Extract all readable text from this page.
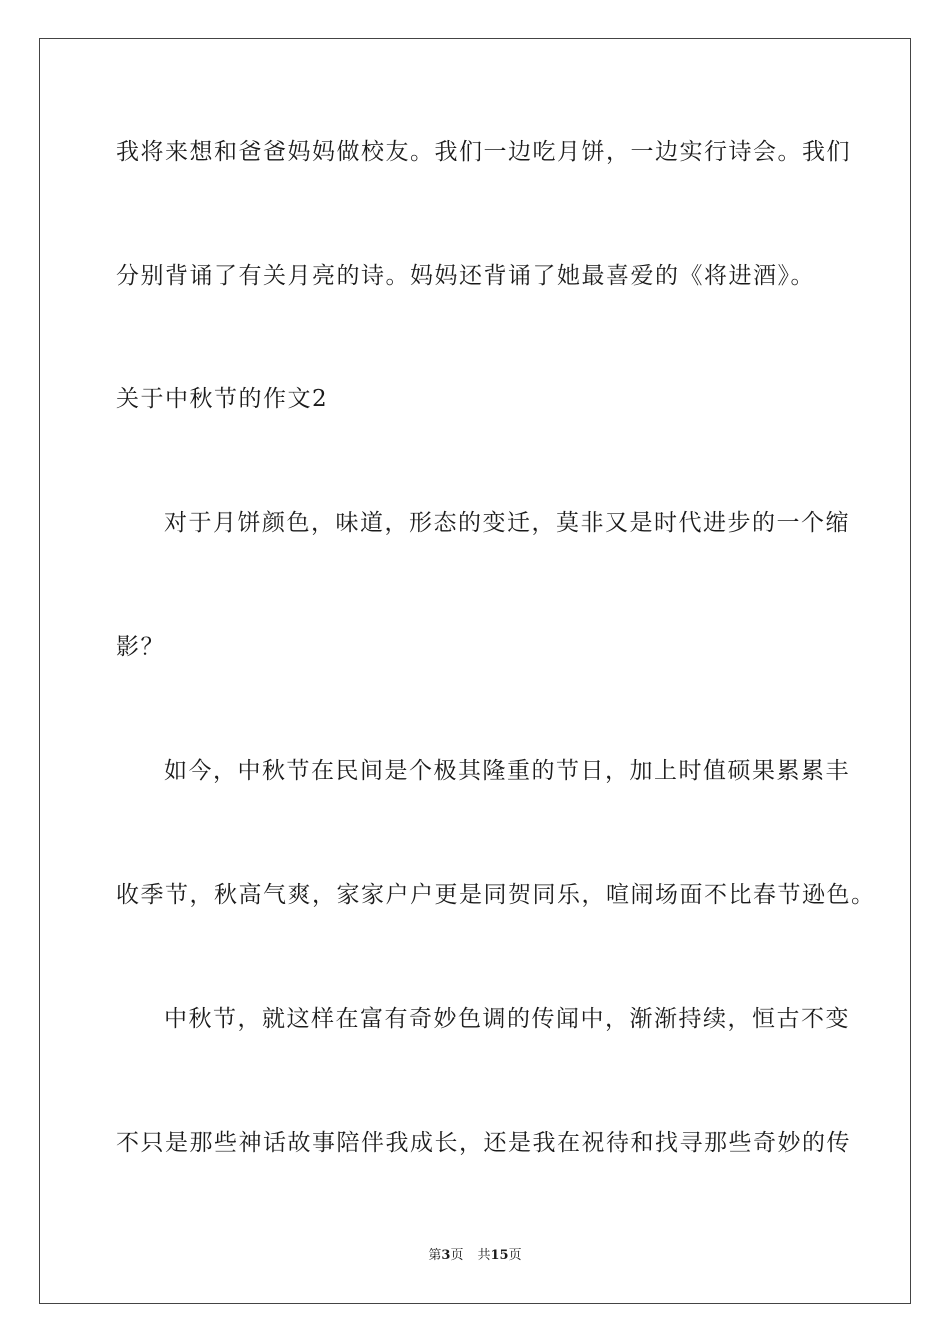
我将来想和爸爸妈妈做校友。我们一边吃月饼，一边实行诗会。我们
分别背诵了有关月亮的诗。妈妈还背诵了她最喜爱的《将进酒》。
关于中秋节的作文2
对于月饼颜色，味道，形态的变迁，莫非又是时代进步的一个缩
影？
如今，中秋节在民间是个极其隆重的节日，加上时值硕果累累丰
收季节，秋高气爽，家家户户更是同贺同乐，喧闹场面不比春节逊色。
中秋节，就这样在富有奇妙色调的传闻中，渐渐持续，恒古不变
不只是那些神话故事陪伴我成长，还是我在祝待和找寻那些奇妙的传
第3页 共15页
